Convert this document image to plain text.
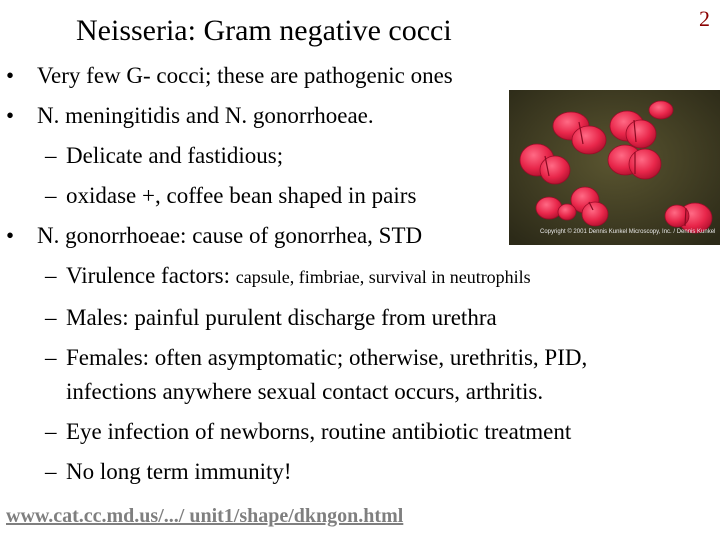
Neisseria: Gram negative cocci	2
• Very few G- cocci; these are pathogenic ones
• N. meningitidis and N. gonorrhoeae.
– Delicate and fastidious;
– oxidase +, coffee bean shaped in pairs
• N. gonorrhoeae: cause of gonorrhea, STD
– Virulence factors: capsule, fimbriae, survival in neutrophils
– Males: painful purulent discharge from urethra
– Females: often asymptomatic; otherwise, urethritis, PID,
infections anywhere sexual contact occurs, arthritis.
– Eye infection of newborns, routine antibiotic treatment
– No long term immunity!
Copyright © 2001 Dennis Kunkel Microscopy, Inc. / Dennis Kunkel
www.cat.cc.md.us/.../ unit1/shape/dkngon.html
